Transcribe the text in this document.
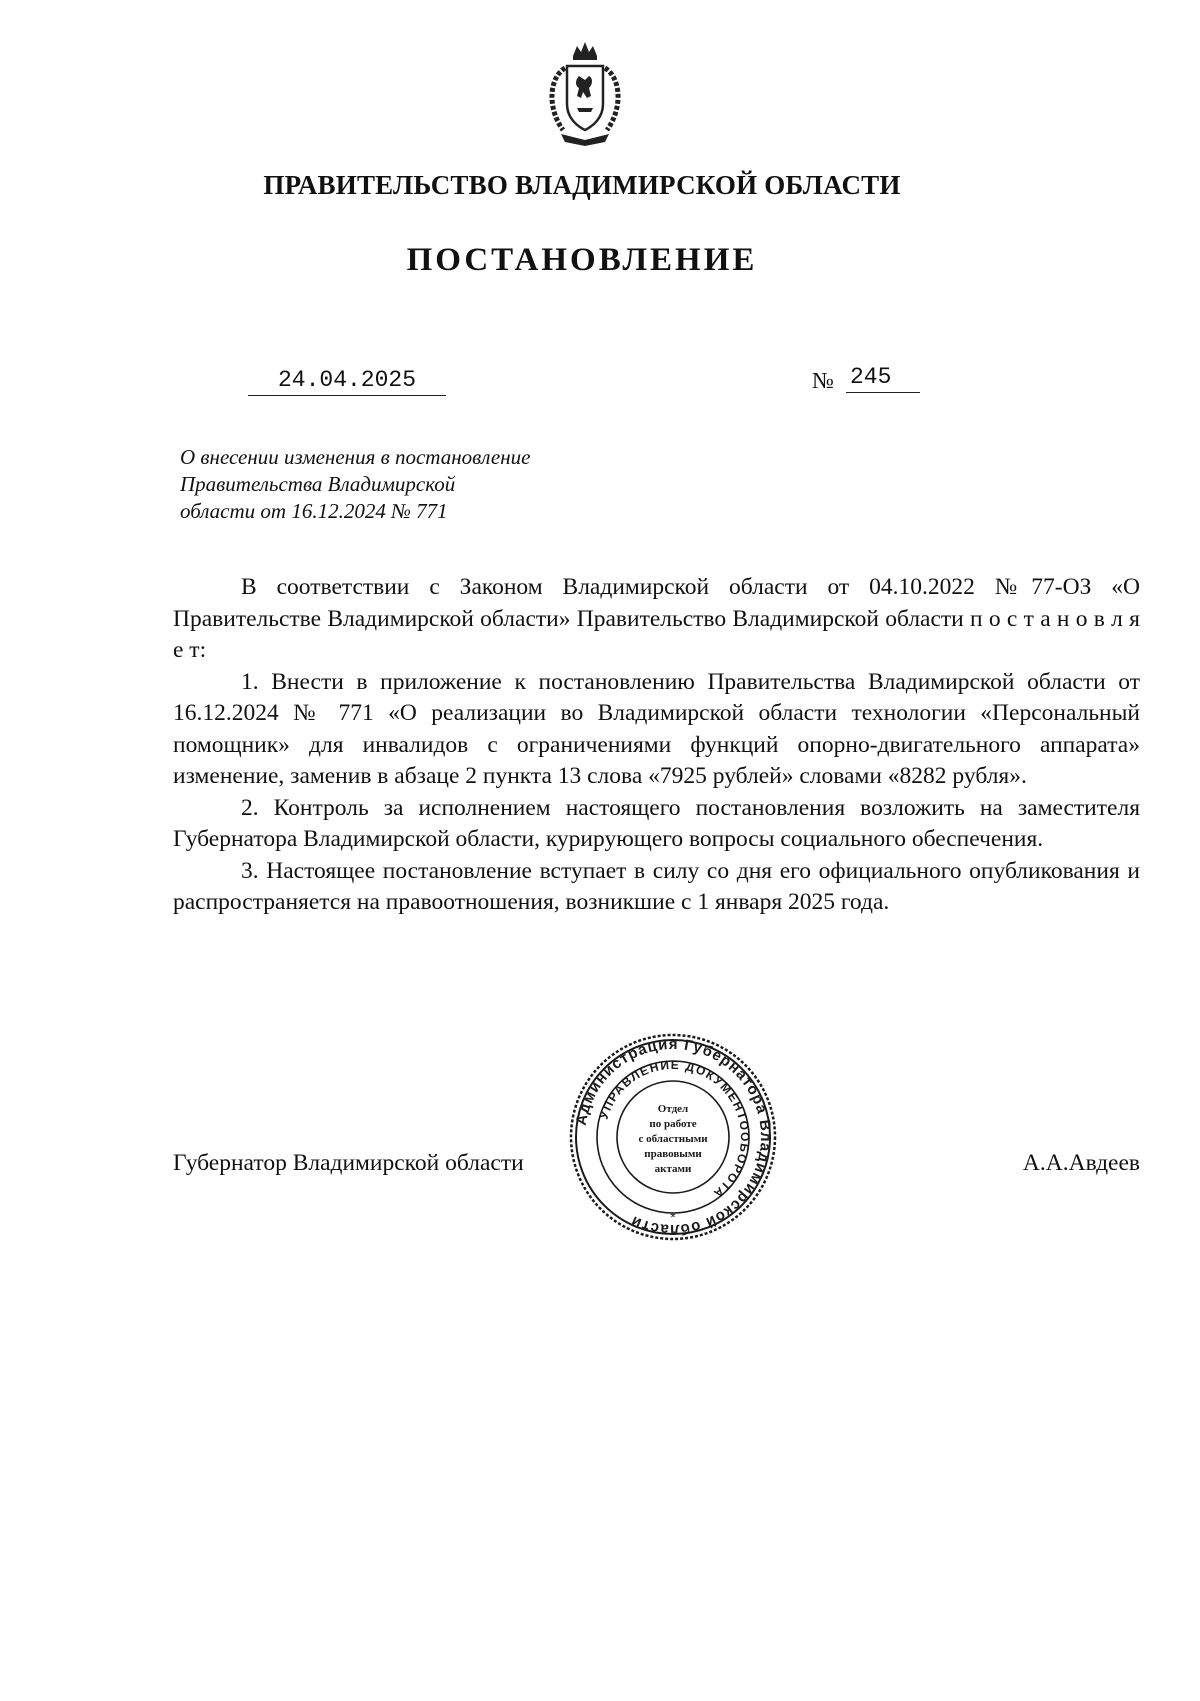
ПРАВИТЕЛЬСТВО ВЛАДИМИРСКОЙ ОБЛАСТИ
ПОСТАНОВЛЕНИЕ
24.04.2025	№ 245
О внесении изменения в постановление
Правительства Владимирской
области от 16.12.2024 № 771

В соответствии с Законом Владимирской области от 04.10.2022 №77-ОЗ «О Правительстве Владимирской области» Правительство Владимирской области п о с т а н о в л я е т:

1. Внести в приложение к постановлению Правительства Владимирской области от 16.12.2024 № 771 «О реализации во Владимирской области технологии «Персональный помощник» для инвалидов с ограничениями функций опорно-двигательного аппарата» изменение, заменив в абзаце 2 пункта 13 слова «7925 рублей» словами «8282 рубля».

2. Контроль за исполнением настоящего постановления возложить на заместителя Губернатора Владимирской области, курирующего вопросы социального обеспечения.

3. Настоящее постановление вступает в силу со дня его официального опубликования и распространяется на правоотношения, возникшие с 1 января 2025 года.

Губернатор Владимирской области	А.А.Авдеев
Администрация Губернатора Владимирской области
УПРАВЛЕНИЕ ДОКУМЕНТООБОРОТА
Отдел
по работе
с областными
правовыми
актами
*
